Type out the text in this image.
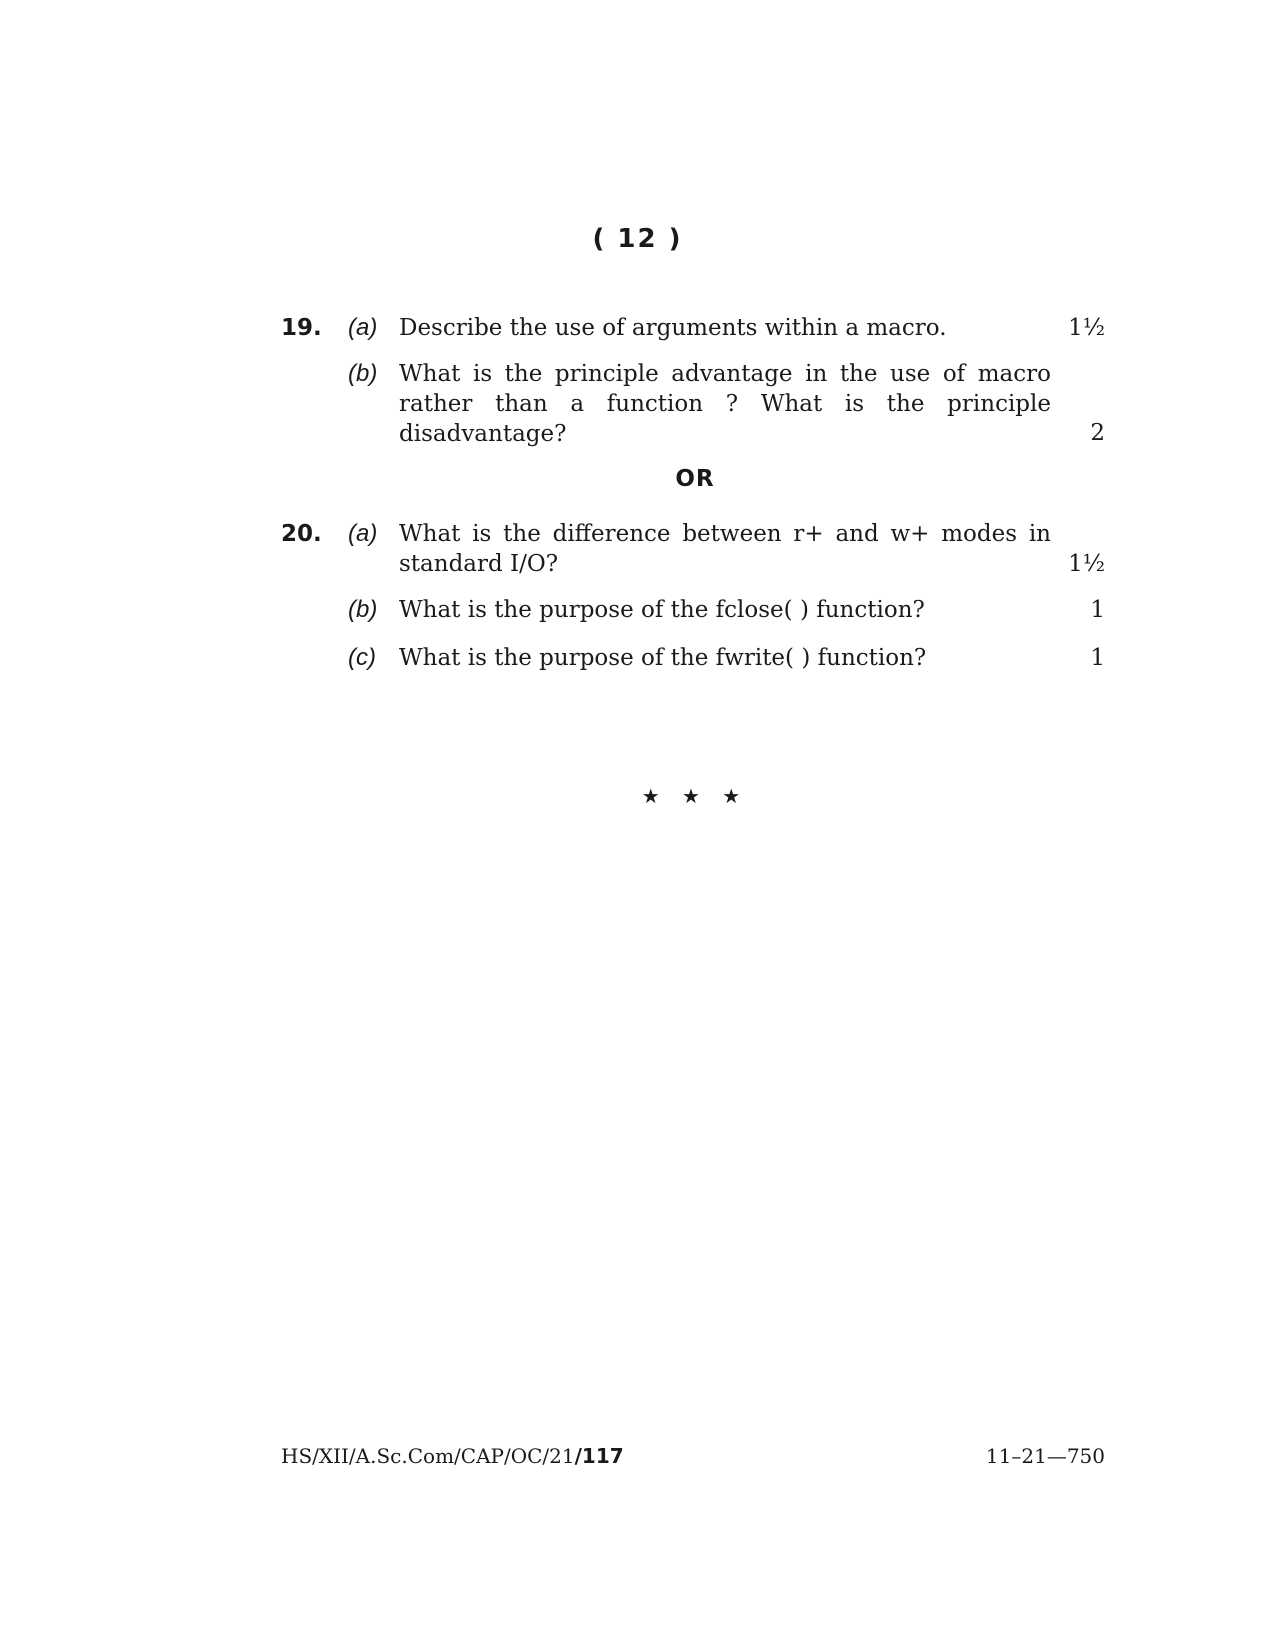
( 12 )
19. (a) Describe the use of arguments within a macro.	1½
(b) What is the principle advantage in the use of macro rather than a function ? What is the principle disadvantage?	2
OR
20. (a) What is the difference between r+ and w+ modes in standard I/O?	1½
(b) What is the purpose of the fclose( ) function?	1
(c) What is the purpose of the fwrite( ) function?	1
★ ★ ★
HS/XII/A.Sc.Com/CAP/OC/21/117	11–21—750
